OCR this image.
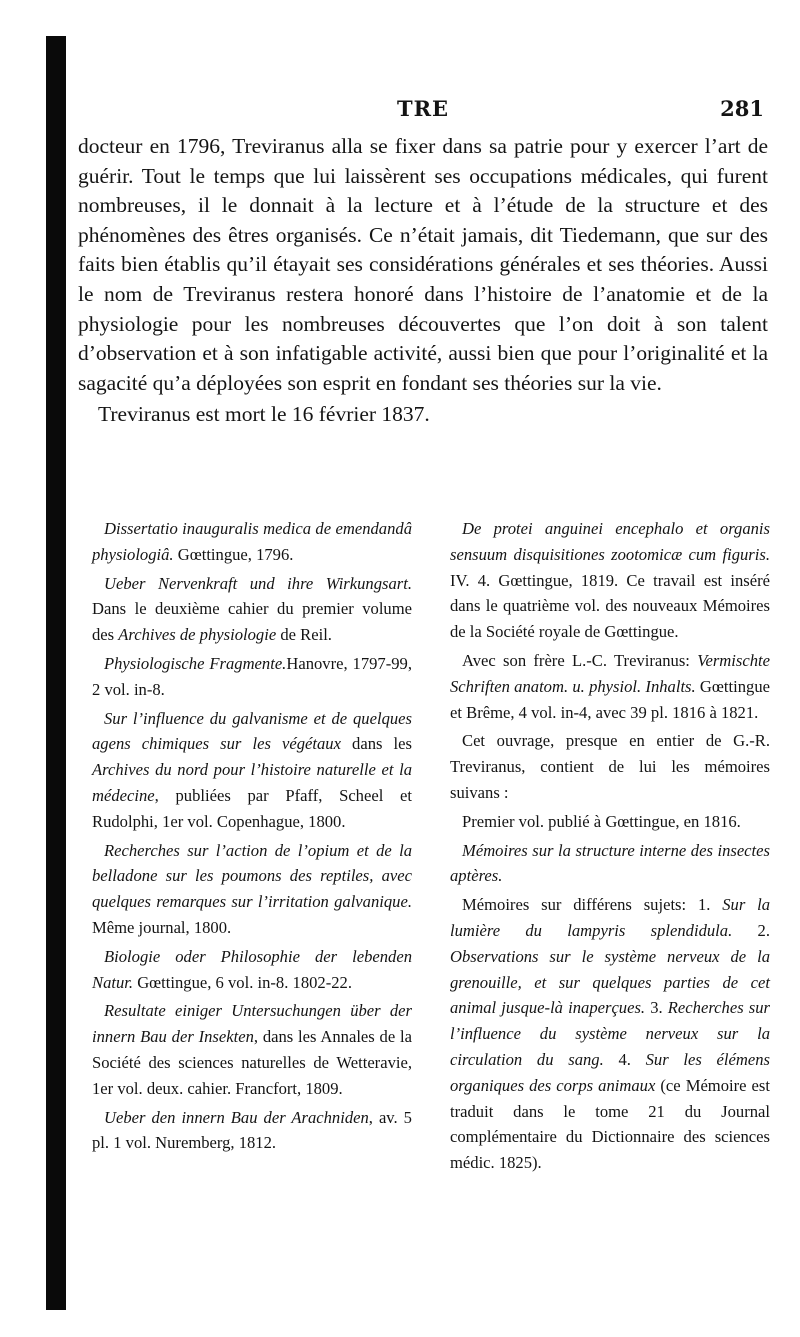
TRE	281

docteur en 1796, Treviranus alla se fixer dans sa patrie pour y exercer l’art de guérir. Tout le temps que lui laissèrent ses occupations médicales, qui furent nombreuses, il le donnait à la lecture et à l’étude de la structure et des phénomènes des êtres organisés. Ce n’était jamais, dit Tiedemann, que sur des faits bien établis qu’il étayait ses considérations générales et ses théories. Aussi le nom de Treviranus restera honoré dans l’histoire de l’anatomie et de la physiologie pour les nombreuses découvertes que l’on doit à son talent d’observation et à son infatigable activité, aussi bien que pour l’originalité et la sagacité qu’a déployées son esprit en fondant ses théories sur la vie.

Treviranus est mort le 16 février 1837.

Dissertatio inauguralis medica de emendandâ physiologiâ. Gœttingue, 1796.

Ueber Nervenkraft und ihre Wirkungsart. Dans le deuxième cahier du premier volume des Archives de physiologie de Reil.

Physiologische Fragmente.Hanovre, 1797-99, 2 vol. in-8.

Sur l’influence du galvanisme et de quelques agens chimiques sur les végétaux dans les Archives du nord pour l’histoire naturelle et la médecine, publiées par Pfaff, Scheel et Rudolphi, 1er vol. Copenhague, 1800.

Recherches sur l’action de l’opium et de la belladone sur les poumons des reptiles, avec quelques remarques sur l’irritation galvanique. Même journal, 1800.

Biologie oder Philosophie der lebenden Natur. Gœttingue, 6 vol. in-8. 1802-22.

Resultate einiger Untersuchungen über der innern Bau der Insekten, dans les Annales de la Société des sciences naturelles de Wetteravie, 1er vol. deux. cahier. Francfort, 1809.

Ueber den innern Bau der Arachniden, av. 5 pl. 1 vol. Nuremberg, 1812.

De protei anguinei encephalo et organis sensuum disquisitiones zootomicæ cum figuris. IV. 4. Gœttingue, 1819. Ce travail est inséré dans le quatrième vol. des nouveaux Mémoires de la Société royale de Gœttingue.

Avec son frère L.-C. Treviranus: Vermischte Schriften anatom. u. physiol. Inhalts. Gœttingue et Brême, 4 vol. in-4, avec 39 pl. 1816 à 1821.

Cet ouvrage, presque en entier de G.-R. Treviranus, contient de lui les mémoires suivans :

Premier vol. publié à Gœttingue, en 1816.

Mémoires sur la structure interne des insectes aptères.

Mémoires sur différens sujets: 1. Sur la lumière du lampyris splendidula. 2. Observations sur le système nerveux de la grenouille, et sur quelques parties de cet animal jusque-là inaperçues. 3. Recherches sur l’influence du système nerveux sur la circulation du sang. 4. Sur les élémens organiques des corps animaux (ce Mémoire est traduit dans le tome 21 du Journal complémentaire du Dictionnaire des sciences médic. 1825).
